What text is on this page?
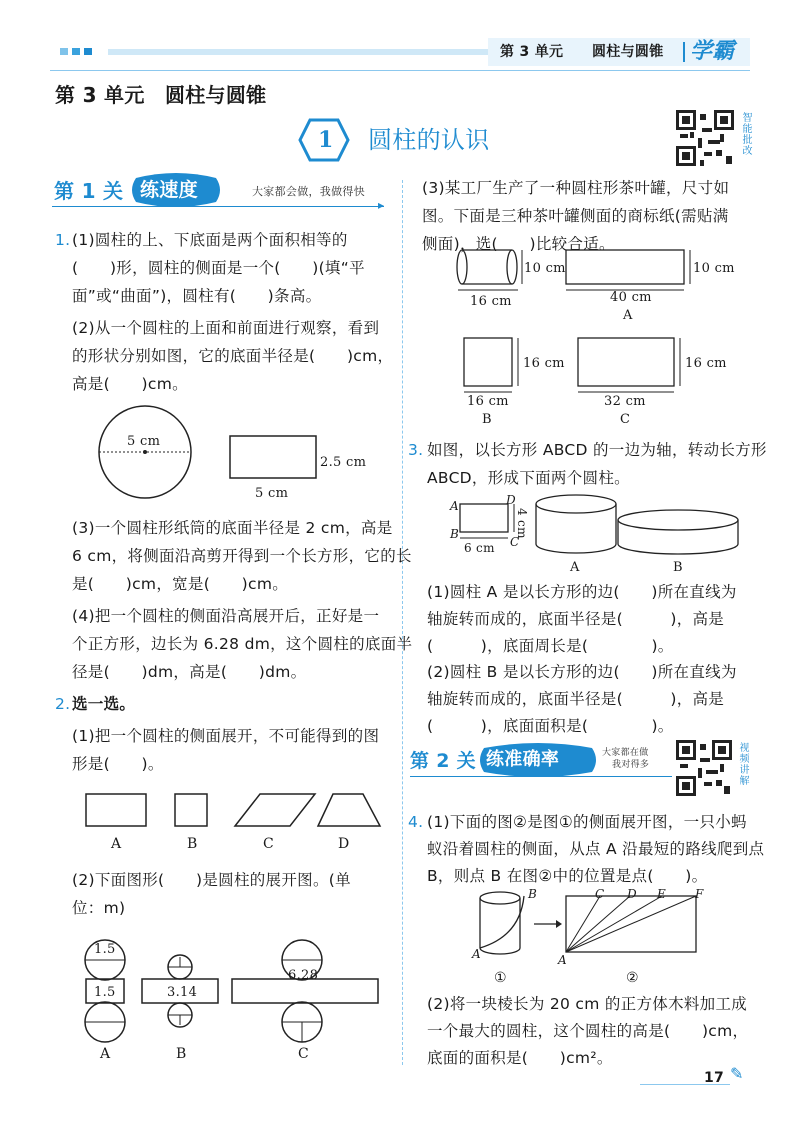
第 3 单元 圆柱与圆锥 学霸
第 3 单元　圆柱与圆锥
1 圆柱的认识	智能批改
第 1 关 练速度	大家都会做，我做得快
▸
1. (1)圆柱的上、下底面是两个面积相等的
(　　)形，圆柱的侧面是一个(　　)(填“平
面”或“曲面”)，圆柱有(　　)条高。
(2)从一个圆柱的上面和前面进行观察，看到
的形状分别如图，它的底面半径是(　　)cm，
高是(　　)cm。
5 cm
2.5 cm
5 cm
(3)一个圆柱形纸筒的底面半径是 2 cm，高是
6 cm，将侧面沿高剪开得到一个长方形，它的长
是(　　)cm，宽是(　　)cm。
(4)把一个圆柱的侧面沿高展开后，正好是一
个正方形，边长为 6.28 dm，这个圆柱的底面半
径是(　　)dm，高是(　　)dm。
2. 选一选。
(1)把一个圆柱的侧面展开，不可能得到的图
形是(　　)。
A	B	C	D
(2)下面图形(　　)是圆柱的展开图。(单
位：m)
1.5
1.5	3.14
6.28
A	B	C
(3)某工厂生产了一种圆柱形茶叶罐，尺寸如
图。下面是三种茶叶罐侧面的商标纸(需贴满
侧面)，选(　　)比较合适。
10 cm
16 cm
10 cm
40 cm
A
16 cm
16 cm
B
16 cm
32 cm
C
3. 如图，以长方形 ABCD 的一边为轴，转动长方形
ABCD，形成下面两个圆柱。
A
B
D
C
6 cm
4 cm
A	B
(1)圆柱 A 是以长方形的边(　　)所在直线为
轴旋转而成的，底面半径是(　　　)，高是
(　　　)，底面周长是(　　　　)。
(2)圆柱 B 是以长方形的边(　　)所在直线为
轴旋转而成的，底面半径是(　　　)，高是
(　　　)，底面面积是(　　　　)。
第 2 关 练准确率	大家都在做
我对得多	视频讲解
4. (1)下面的图②是图①的侧面展开图，一只小蚂
蚁沿着圆柱的侧面，从点 A 沿最短的路线爬到点
B，则点 B 在图②中的位置是点(　　)。
B
A	A
C D E F
①	②
(2)将一块棱长为 20 cm 的正方体木料加工成
一个最大的圆柱，这个圆柱的高是(　　)cm，
底面的面积是(　　)cm²。
17 ✎
